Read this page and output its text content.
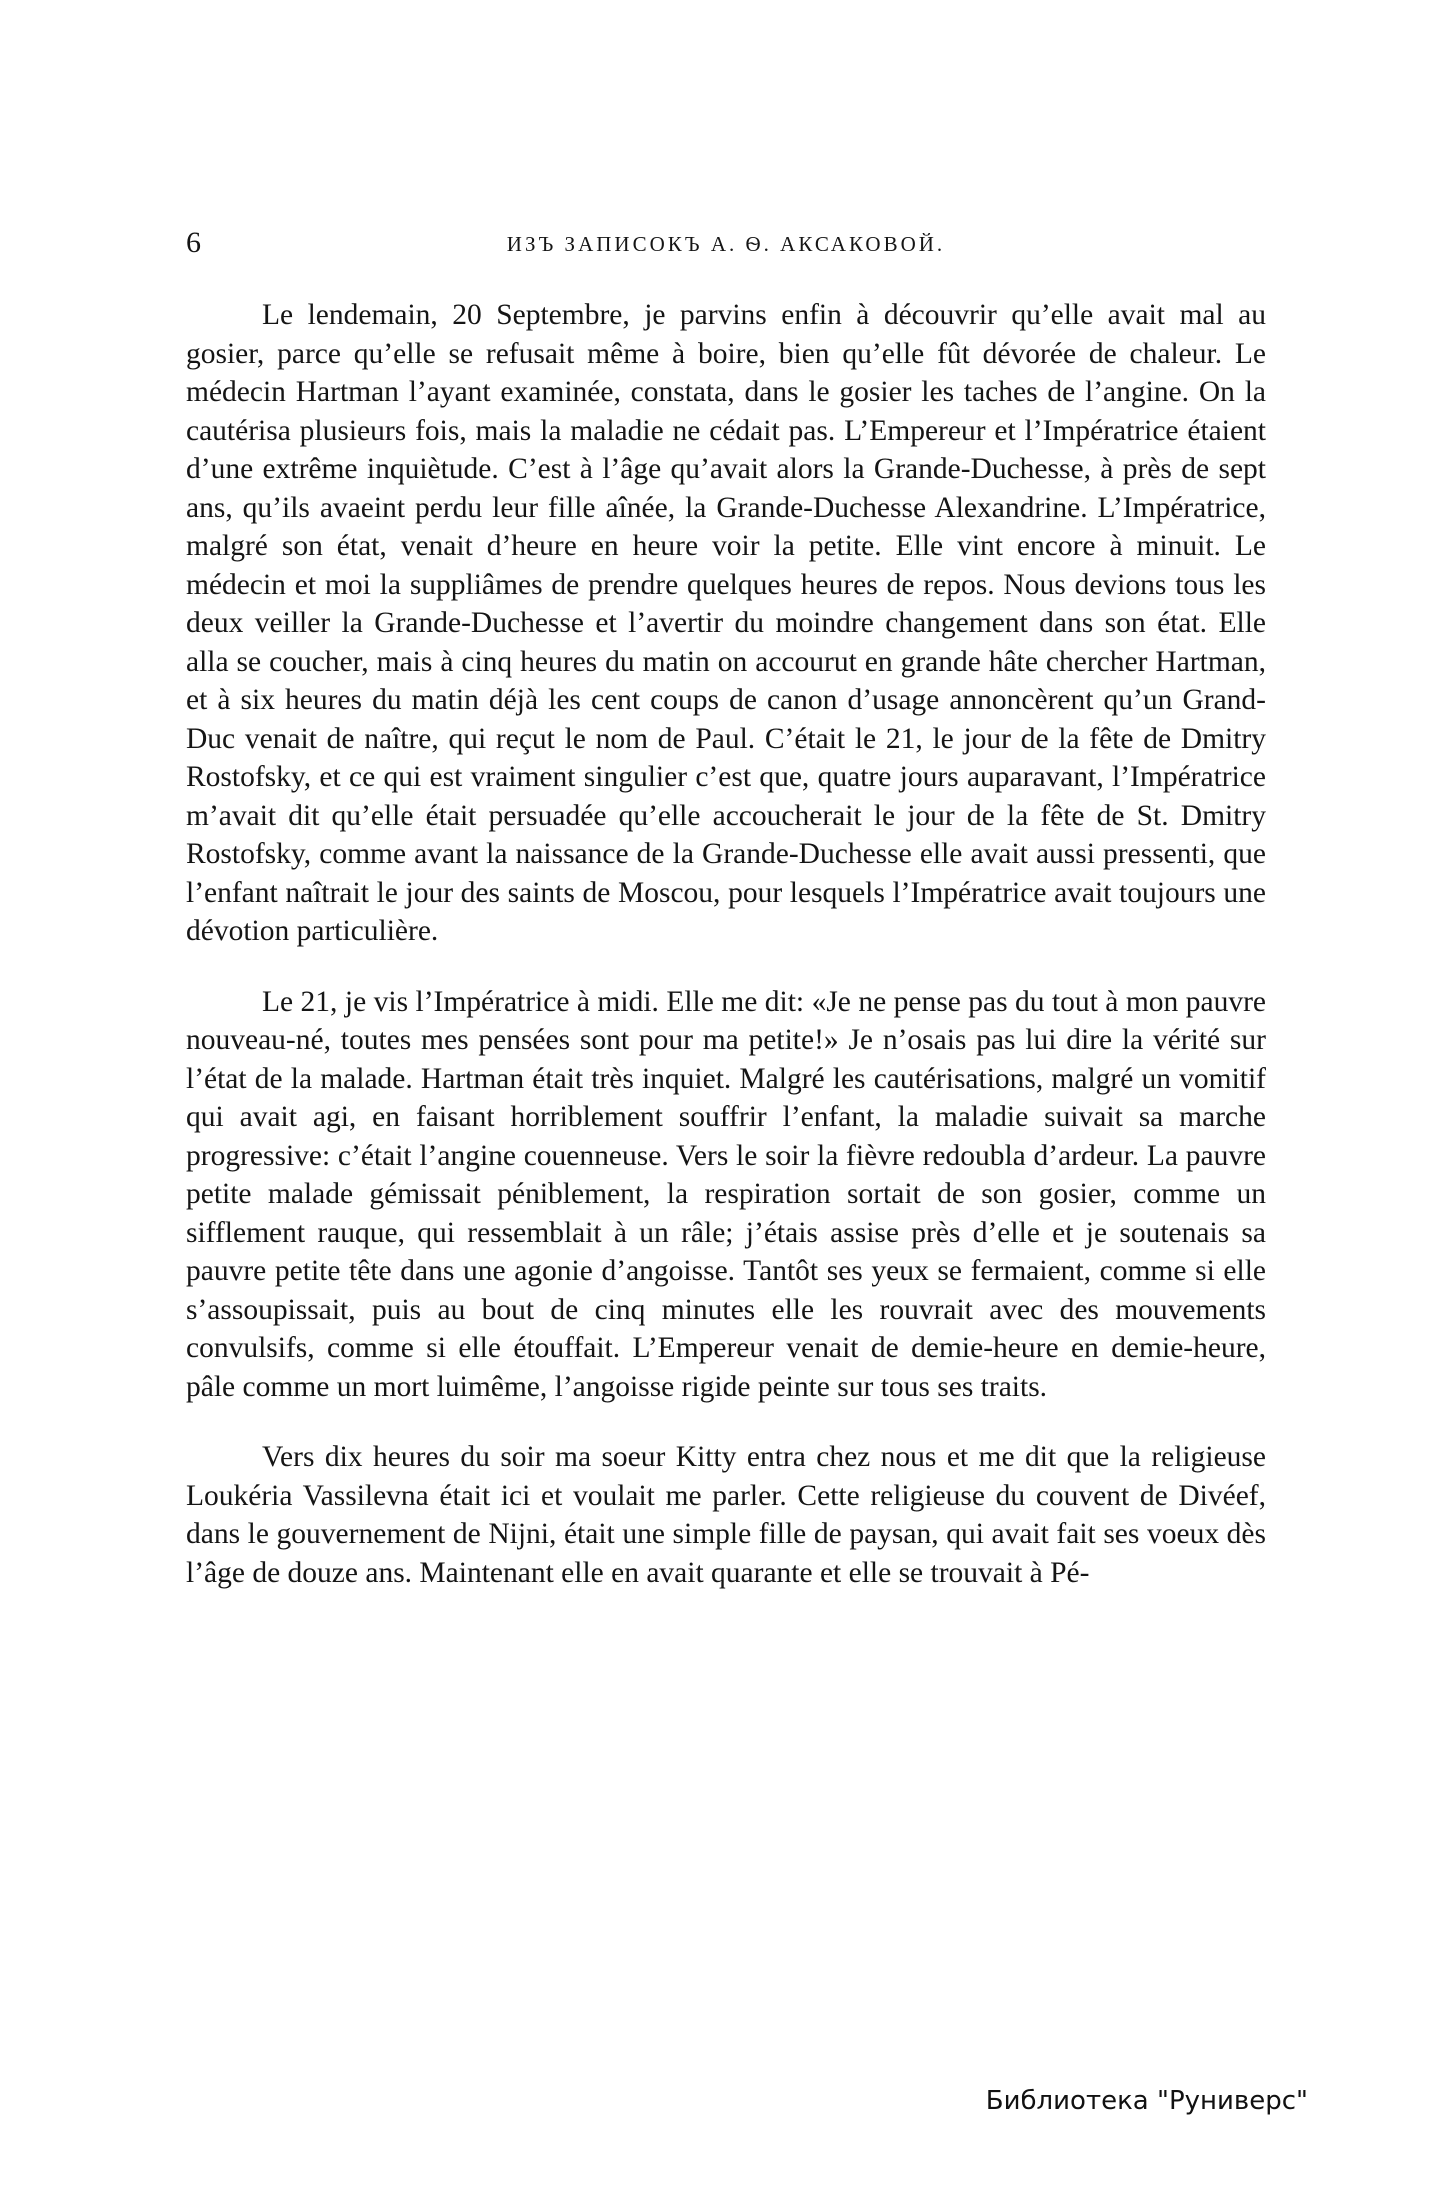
6	ИЗЪ ЗАПИСОКЪ А. Ѳ. АКСАКОВОЙ.

Le lendemain, 20 Septembre, je parvins enfin à découvrir qu’elle avait mal au gosier, parce qu’elle se refusait même à boire, bien qu’elle fût dévorée de chaleur. Le médecin Hartman l’ayant examinée, constata, dans le gosier les taches de l’angine. On la cautérisa plusieurs fois, mais la maladie ne cédait pas. L’Empereur et l’Impératrice étaient d’une extrême inquiètude. C’est à l’âge qu’avait alors la Grande-Duchesse, à près de sept ans, qu’ils avaeint perdu leur fille aînée, la Grande-Duchesse Alexandrine. L’Impératrice, malgré son état, venait d’heure en heure voir la petite. Elle vint encore à minuit. Le médecin et moi la suppliâmes de prendre quelques heures de repos. Nous devions tous les deux veiller la Grande-Duchesse et l’avertir du moindre changement dans son état. Elle alla se coucher, mais à cinq heures du matin on accourut en grande hâte chercher Hartman, et à six heures du matin déjà les cent coups de canon d’usage annoncèrent qu’un Grand-Duc venait de naître, qui reçut le nom de Paul. C’était le 21, le jour de la fête de Dmitry Rostofsky, et ce qui est vraiment singulier c’est que, quatre jours auparavant, l’Impératrice m’avait dit qu’elle était persuadée qu’elle accoucherait le jour de la fête de St. Dmitry Rostofsky, comme avant la naissance de la Grande-Duchesse elle avait aussi pressenti, que l’enfant naîtrait le jour des saints de Moscou, pour lesquels l’Impératrice avait toujours une dévotion particulière.

Le 21, je vis l’Impératrice à midi. Elle me dit: «Je ne pense pas du tout à mon pauvre nouveau-né, toutes mes pensées sont pour ma petite!» Je n’osais pas lui dire la vérité sur l’état de la malade. Hartman était très inquiet. Malgré les cautérisations, malgré un vomitif qui avait agi, en faisant horriblement souffrir l’enfant, la maladie suivait sa marche progressive: c’était l’angine couenneuse. Vers le soir la fièvre redoubla d’ardeur. La pauvre petite malade gémissait péniblement, la respiration sortait de son gosier, comme un sifflement rauque, qui ressemblait à un râle; j’étais assise près d’elle et je soutenais sa pauvre petite tête dans une agonie d’angoisse. Tantôt ses yeux se fermaient, comme si elle s’assoupissait, puis au bout de cinq minutes elle les rouvrait avec des mouvements convulsifs, comme si elle étouffait. L’Empereur venait de demie-heure en demie-heure, pâle comme un mort luimême, l’angoisse rigide peinte sur tous ses traits.

Vers dix heures du soir ma soeur Kitty entra chez nous et me dit que la religieuse Loukéria Vassilevna était ici et voulait me parler. Cette religieuse du couvent de Divéef, dans le gouvernement de Nijni, était une simple fille de paysan, qui avait fait ses voeux dès l’âge de douze ans. Maintenant elle en avait quarante et elle se trouvait à Pé-

Библиотека "Руниверс"
